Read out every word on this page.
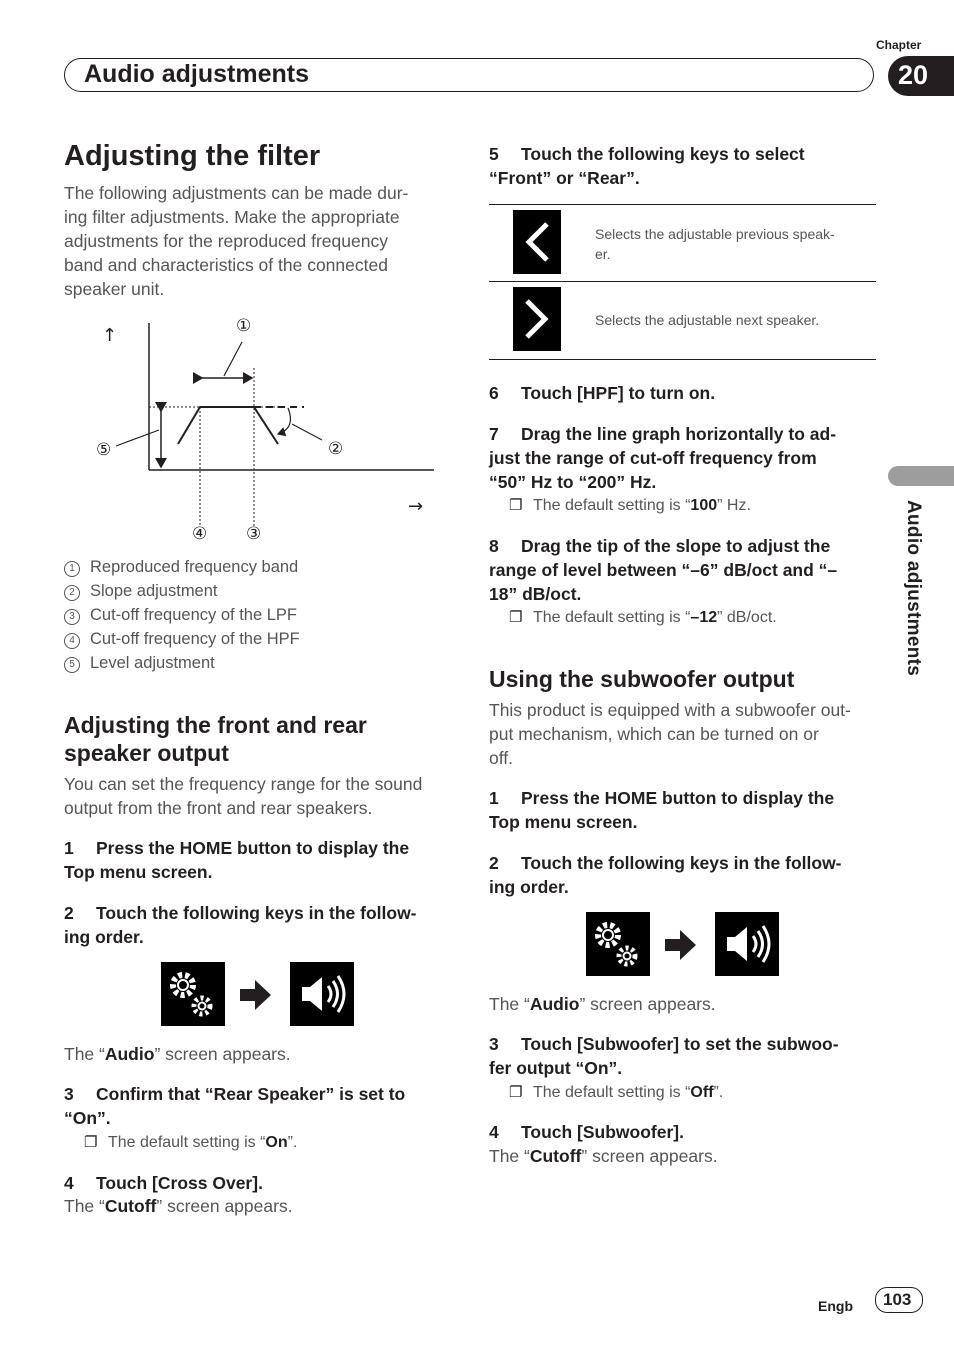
Chapter
Audio adjustments	20
Audio adjustments
Adjusting the filter
The following adjustments can be made dur-
ing filter adjustments. Make the appropriate
adjustments for the reproduced frequency
band and characteristics of the connected
speaker unit.
↑
→
①
②
③
④
⑤
1 Reproduced frequency band
2 Slope adjustment
3 Cut-off frequency of the LPF
4 Cut-off frequency of the HPF
5 Level adjustment
Adjusting the front and rear
speaker output
You can set the frequency range for the sound
output from the front and rear speakers.
1 Press the HOME button to display the
Top menu screen.
2 Touch the following keys in the follow-
ing order.
The “Audio” screen appears.
3 Confirm that “Rear Speaker” is set to
“On”.
❐ The default setting is “On”.
4 Touch [Cross Over].
The “Cutoff” screen appears.
5 Touch the following keys to select
“Front” or “Rear”.
Selects the adjustable previous speak-
er.
Selects the adjustable next speaker.
6 Touch [HPF] to turn on.
7 Drag the line graph horizontally to ad-
just the range of cut-off frequency from
“50” Hz to “200” Hz.
❐ The default setting is “100” Hz.
8 Drag the tip of the slope to adjust the
range of level between “–6” dB/oct and “–
18” dB/oct.
❐ The default setting is “–12” dB/oct.
Using the subwoofer output
This product is equipped with a subwoofer out-
put mechanism, which can be turned on or
off.
1 Press the HOME button to display the
Top menu screen.
2 Touch the following keys in the follow-
ing order.
The “Audio” screen appears.
3 Touch [Subwoofer] to set the subwoo-
fer output “On”.
❐ The default setting is “Off”.
4 Touch [Subwoofer].
The “Cutoff” screen appears.
Engb 103
